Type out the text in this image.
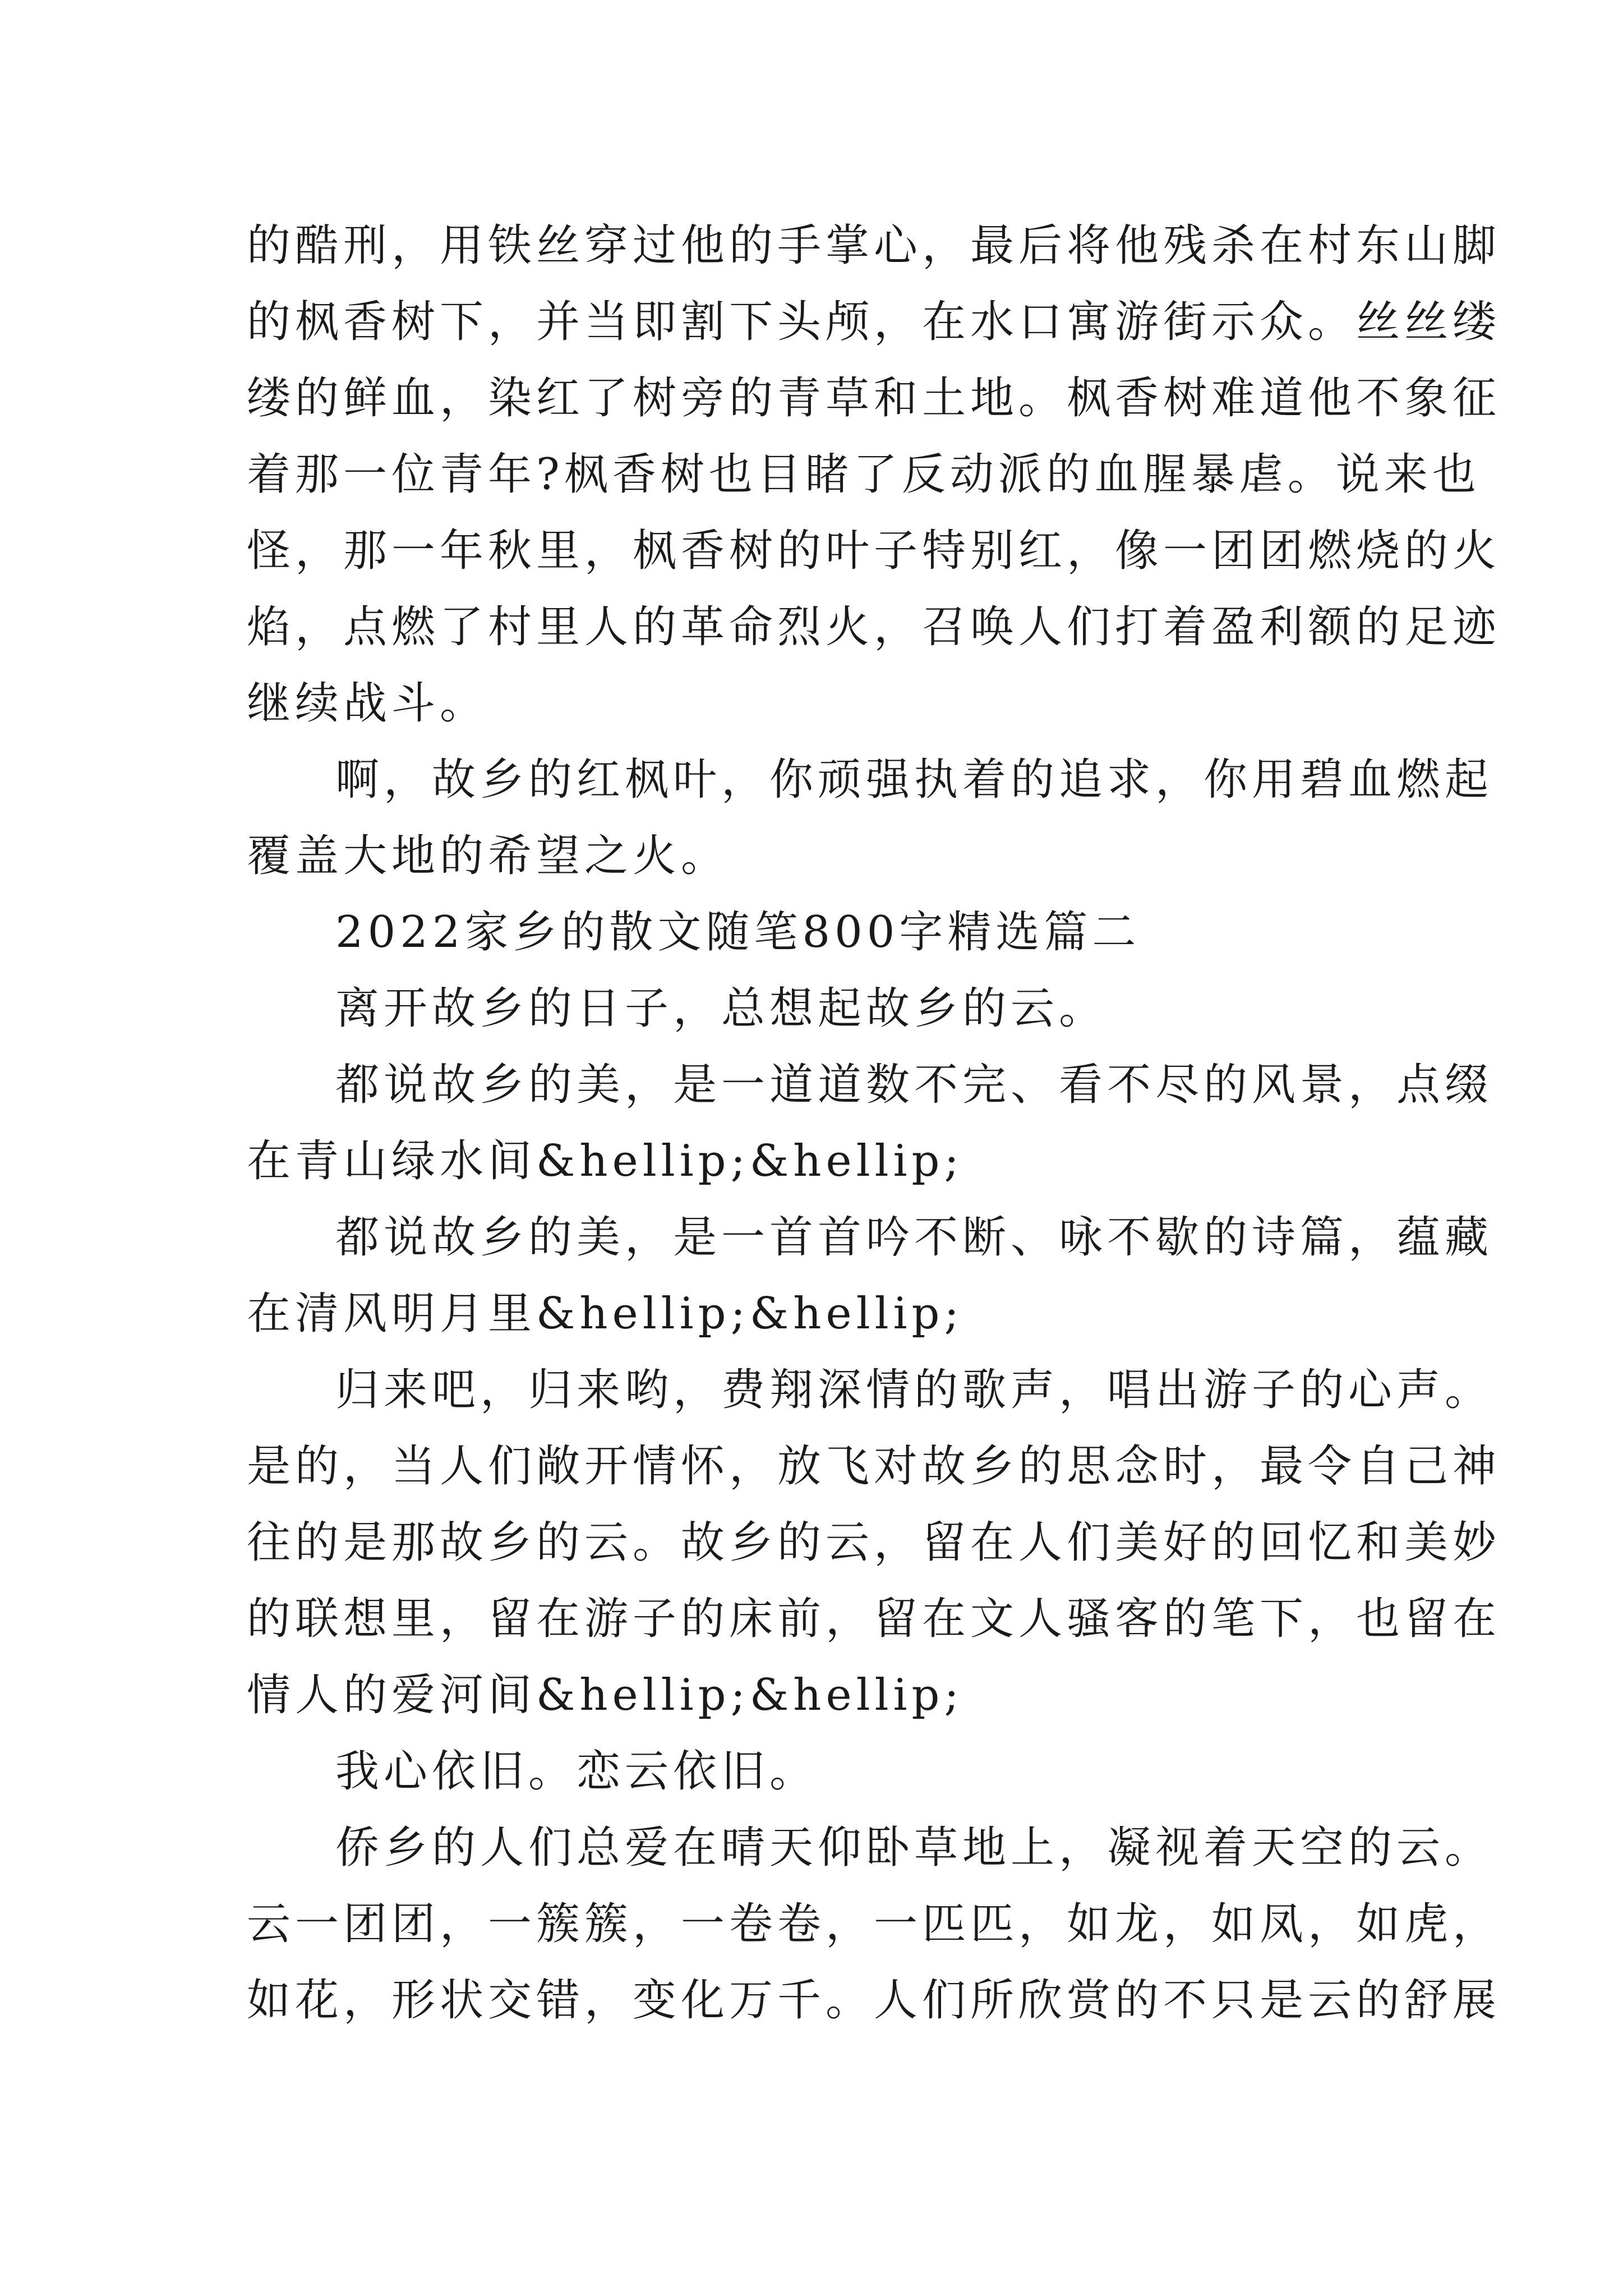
的酷刑，用铁丝穿过他的手掌心，最后将他残杀在村东山脚
的枫香树下，并当即割下头颅，在水口寓游街示众。丝丝缕
缕的鲜血，染红了树旁的青草和土地。枫香树难道他不象征
着那一位青年?枫香树也目睹了反动派的血腥暴虐。说来也
怪，那一年秋里，枫香树的叶子特别红，像一团团燃烧的火
焰，点燃了村里人的革命烈火，召唤人们打着盈利额的足迹
继续战斗。
啊，故乡的红枫叶，你顽强执着的追求，你用碧血燃起
覆盖大地的希望之火。
2022家乡的散文随笔800字精选篇二
离开故乡的日子，总想起故乡的云。
都说故乡的美，是一道道数不完、看不尽的风景，点缀
在青山绿水间&hellip;&hellip;
都说故乡的美，是一首首吟不断、咏不歇的诗篇，蕴藏
在清风明月里&hellip;&hellip;
归来吧，归来哟，费翔深情的歌声，唱出游子的心声。
是的，当人们敞开情怀，放飞对故乡的思念时，最令自己神
往的是那故乡的云。故乡的云，留在人们美好的回忆和美妙
的联想里，留在游子的床前，留在文人骚客的笔下，也留在
情人的爱河间&hellip;&hellip;
我心依旧。恋云依旧。
侨乡的人们总爱在晴天仰卧草地上，凝视着天空的云。
云一团团，一簇簇，一卷卷，一匹匹，如龙，如凤，如虎，
如花，形状交错，变化万千。人们所欣赏的不只是云的舒展
